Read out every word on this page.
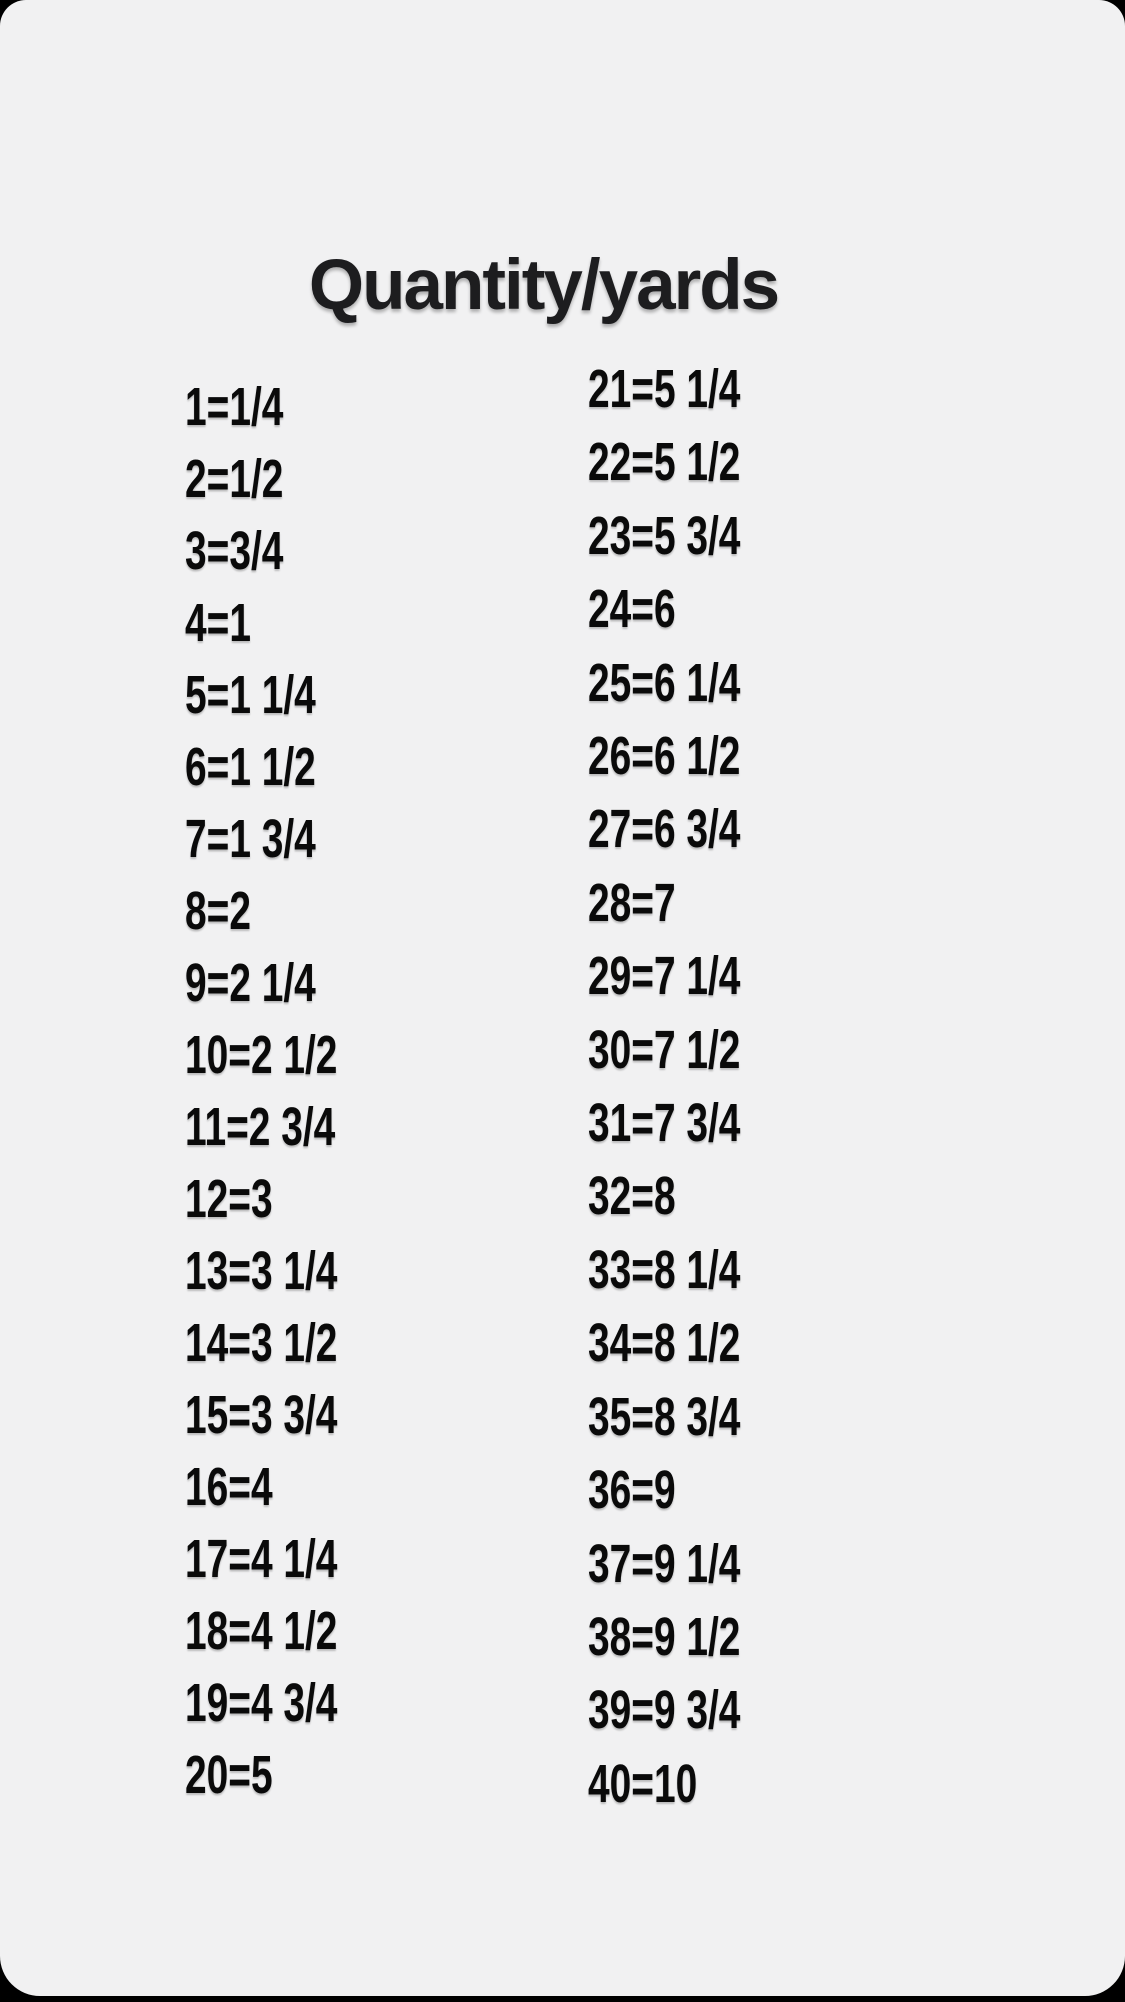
Quantity/yards
1=1/4
2=1/2
3=3/4
4=1
5=1 1/4
6=1 1/2
7=1 3/4
8=2
9=2 1/4
10=2 1/2
11=2 3/4
12=3
13=3 1/4
14=3 1/2
15=3 3/4
16=4
17=4 1/4
18=4 1/2
19=4 3/4
20=5
21=5 1/4
22=5 1/2
23=5 3/4
24=6
25=6 1/4
26=6 1/2
27=6 3/4
28=7
29=7 1/4
30=7 1/2
31=7 3/4
32=8
33=8 1/4
34=8 1/2
35=8 3/4
36=9
37=9 1/4
38=9 1/2
39=9 3/4
40=10
